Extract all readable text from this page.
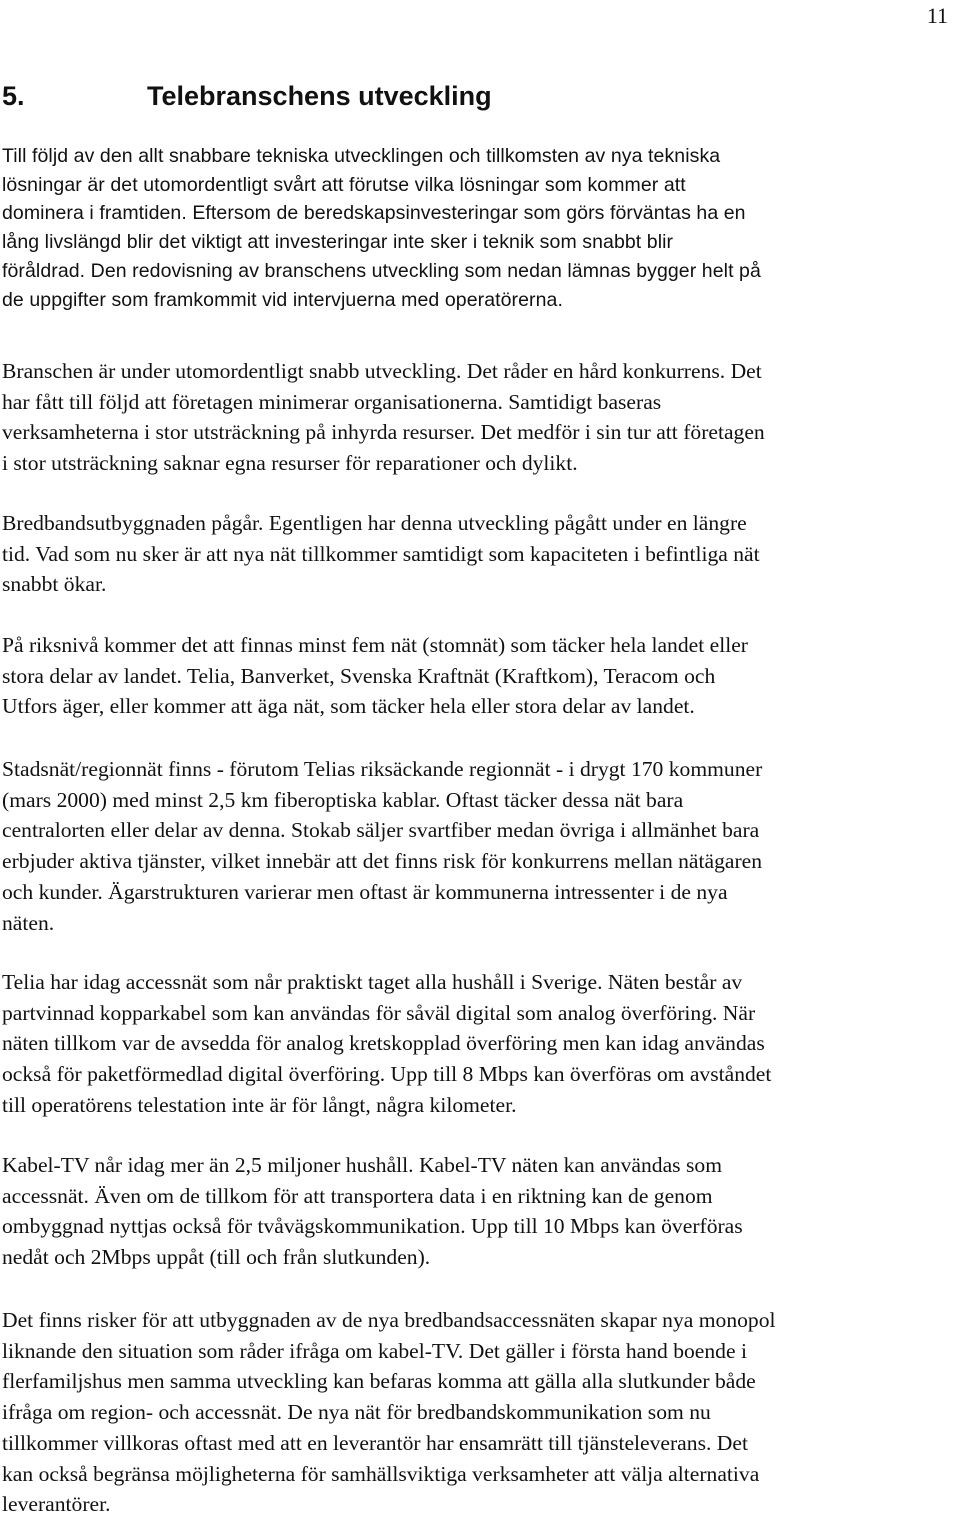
11
5.	Telebranschens utveckling

Till följd av den allt snabbare tekniska utvecklingen och tillkomsten av nya tekniska
lösningar är det utomordentligt svårt att förutse vilka lösningar som kommer att
dominera i framtiden. Eftersom de beredskapsinvesteringar som görs förväntas ha en
lång livslängd blir det viktigt att investeringar inte sker i teknik som snabbt blir
föråldrad. Den redovisning av branschens utveckling som nedan lämnas bygger helt på
de uppgifter som framkommit vid intervjuerna med operatörerna.

Branschen är under utomordentligt snabb utveckling. Det råder en hård konkurrens. Det
har fått till följd att företagen minimerar organisationerna. Samtidigt baseras
verksamheterna i stor utsträckning på inhyrda resurser. Det medför i sin tur att företagen
i stor utsträckning saknar egna resurser för reparationer och dylikt.

Bredbandsutbyggnaden pågår. Egentligen har denna utveckling pågått under en längre
tid. Vad som nu sker är att nya nät tillkommer samtidigt som kapaciteten i befintliga nät
snabbt ökar.

På riksnivå kommer det att finnas minst fem nät (stomnät) som täcker hela landet eller
stora delar av landet. Telia, Banverket, Svenska Kraftnät (Kraftkom), Teracom och
Utfors äger, eller kommer att äga nät, som täcker hela eller stora delar av landet.

Stadsnät/regionnät finns - förutom Telias riksäckande regionnät - i drygt 170 kommuner
(mars 2000) med minst 2,5 km fiberoptiska kablar. Oftast täcker dessa nät bara
centralorten eller delar av denna. Stokab säljer svartfiber medan övriga i allmänhet bara
erbjuder aktiva tjänster, vilket innebär att det finns risk för konkurrens mellan nätägaren
och kunder. Ägarstrukturen varierar men oftast är kommunerna intressenter i de nya
näten.

Telia har idag accessnät som når praktiskt taget alla hushåll i Sverige. Näten består av
partvinnad kopparkabel som kan användas för såväl digital som analog överföring. När
näten tillkom var de avsedda för analog kretskopplad överföring men kan idag användas
också för paketförmedlad digital överföring. Upp till 8 Mbps kan överföras om avståndet
till operatörens telestation inte är för långt, några kilometer.

Kabel-TV når idag mer än 2,5 miljoner hushåll. Kabel-TV näten kan användas som
accessnät. Även om de tillkom för att transportera data i en riktning kan de genom
ombyggnad nyttjas också för tvåvägskommunikation. Upp till 10 Mbps kan överföras
nedåt och 2Mbps uppåt (till och från slutkunden).

Det finns risker för att utbyggnaden av de nya bredbandsaccessnäten skapar nya monopol
liknande den situation som råder ifråga om kabel-TV. Det gäller i första hand boende i
flerfamiljshus men samma utveckling kan befaras komma att gälla alla slutkunder både
ifråga om region- och accessnät. De nya nät för bredbandskommunikation som nu
tillkommer villkoras oftast med att en leverantör har ensamrätt till tjänsteleverans. Det
kan också begränsa möjligheterna för samhällsviktiga verksamheter att välja alternativa
leverantörer.
